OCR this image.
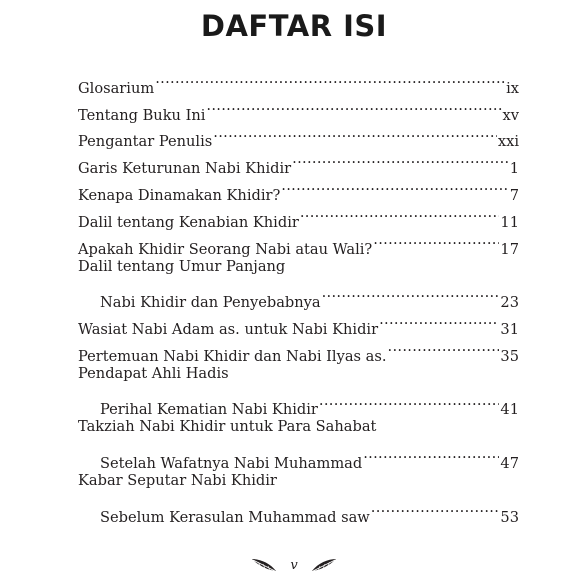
DAFTAR ISI
Glosarium .....	ix
Tentang Buku Ini .....	xv
Pengantar Penulis .....	xxi
Garis Keturunan Nabi Khidir .....	1
Kenapa Dinamakan Khidir? .....	7
Dalil tentang Kenabian Khidir .....	11
Apakah Khidir Seorang Nabi atau Wali? .....	17
Dalil tentang Umur Panjang
Nabi Khidir dan Penyebabnya .....	23
Wasiat Nabi Adam as. untuk Nabi Khidir .....	31
Pertemuan Nabi Khidir dan Nabi Ilyas as. .....	35
Pendapat Ahli Hadis
Perihal Kematian Nabi Khidir .....	41
Takziah Nabi Khidir untuk Para Sahabat
Setelah Wafatnya Nabi Muhammad .....	47
Kabar Seputar Nabi Khidir
Sebelum Kerasulan Muhammad saw .....	53
v
